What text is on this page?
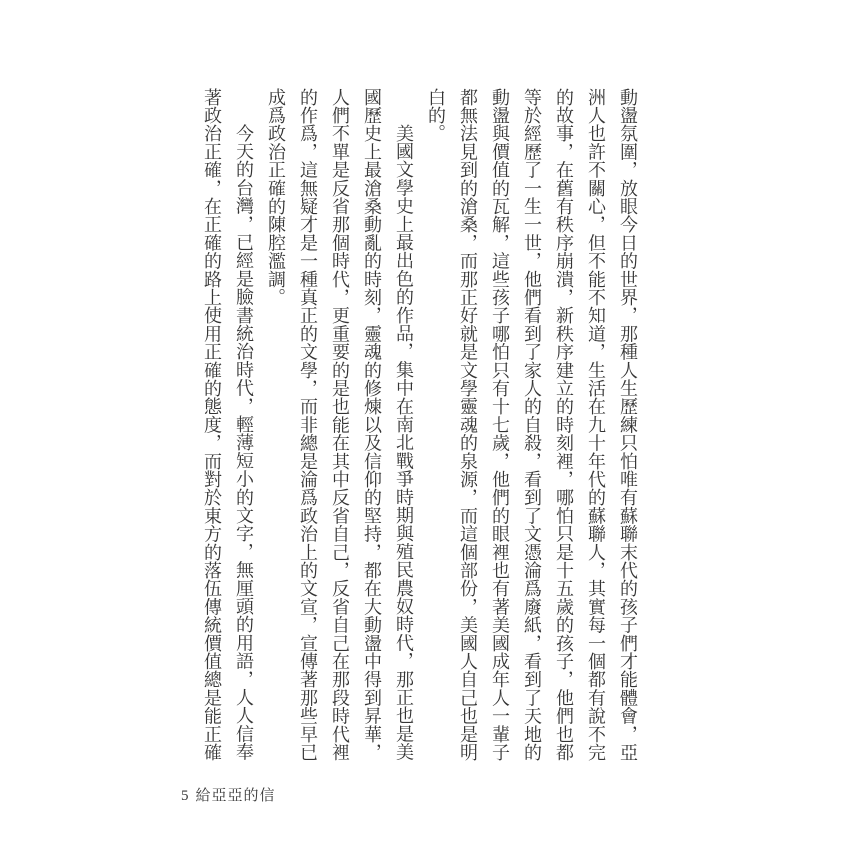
動盪氛圍，放眼今日的世界，那種人生歷練只怕唯有蘇聯末代的孩子們才能體會，亞洲人也許不關心，但不能不知道，生活在九十年代的蘇聯人，其實每一個都有說不完的故事，在舊有秩序崩潰，新秩序建立的時刻裡，哪怕只是十五歲的孩子，他們也都等於經歷了一生一世，他們看到了家人的自殺，看到了文憑淪爲廢紙，看到了天地的動盪與價值的瓦解，這些孩子哪怕只有十七歲，他們的眼裡也有著美國成年人一輩子都無法見到的滄桑，而那正好就是文學靈魂的泉源，而這個部份，美國人自己也是明白的。

美國文學史上最出色的作品，集中在南北戰爭時期與殖民農奴時代，那正也是美國歷史上最滄桑動亂的時刻，靈魂的修煉以及信仰的堅持，都在大動盪中得到昇華，人們不單是反省那個時代，更重要的是也能在其中反省自己，反省自己在那段時代裡的作爲，這無疑才是一種真正的文學，而非總是淪爲政治上的文宣，宣傳著那些早已成爲政治正確的陳腔濫調。

今天的台灣，已經是臉書統治時代，輕薄短小的文字，無厘頭的用語，人人信奉著政治正確，在正確的路上使用正確的態度，而對於東方的落伍傳統價值總是能正確

5 給亞亞的信
